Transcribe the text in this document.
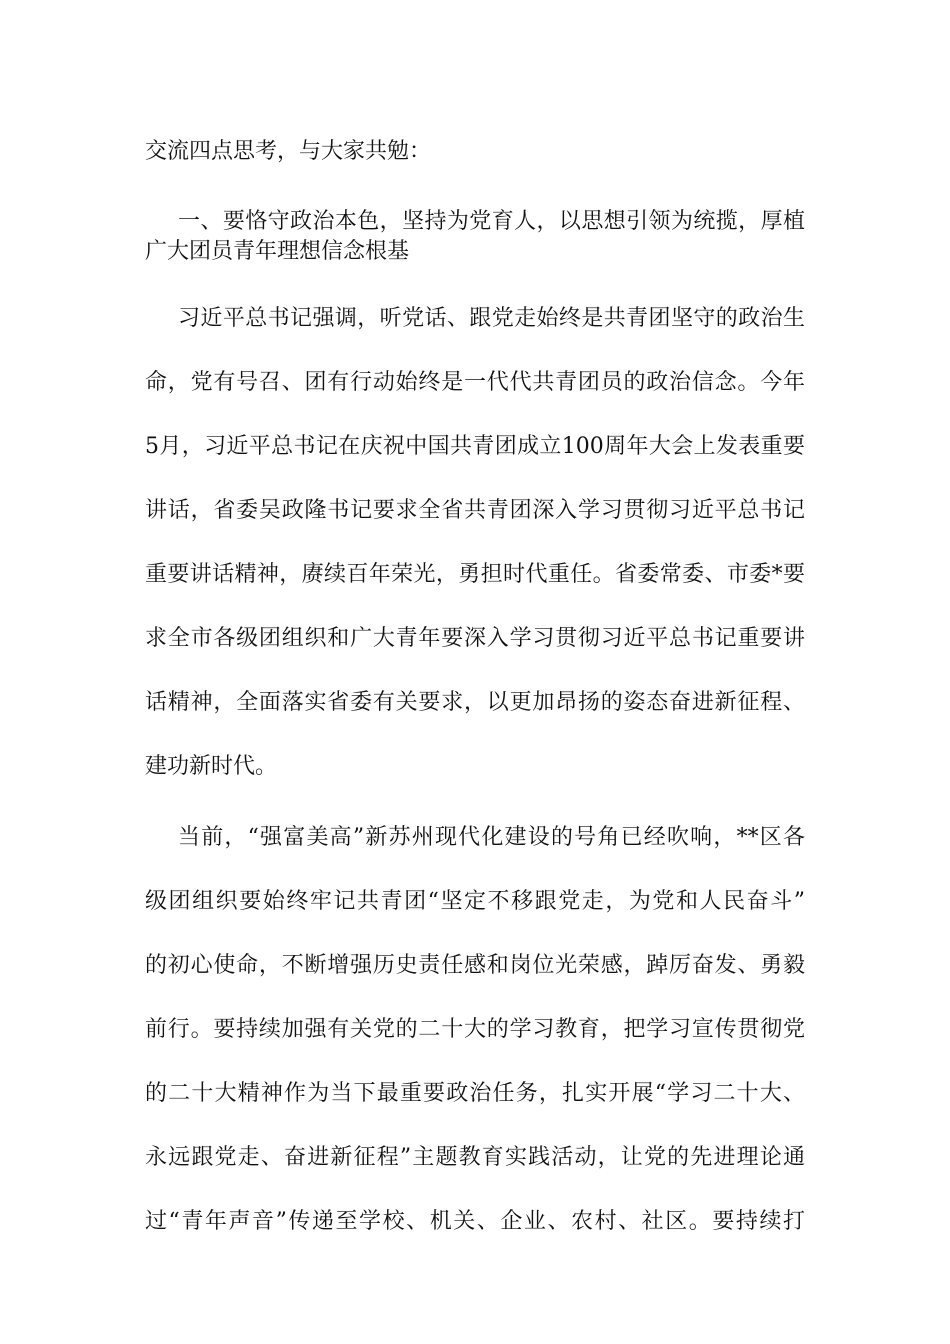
交流四点思考，与大家共勉：
一、要恪守政治本色，坚持为党育人，以思想引领为统揽，厚植
广大团员青年理想信念根基
习近平总书记强调，听党话、跟党走始终是共青团坚守的政治生
命，党有号召、团有行动始终是一代代共青团员的政治信念。今年
5月，习近平总书记在庆祝中国共青团成立100周年大会上发表重要
讲话，省委吴政隆书记要求全省共青团深入学习贯彻习近平总书记
重要讲话精神，赓续百年荣光，勇担时代重任。省委常委、市委*要
求全市各级团组织和广大青年要深入学习贯彻习近平总书记重要讲
话精神，全面落实省委有关要求，以更加昂扬的姿态奋进新征程、
建功新时代。
当前，“强富美高”新苏州现代化建设的号角已经吹响，**区各
级团组织要始终牢记共青团“坚定不移跟党走，为党和人民奋斗”
的初心使命，不断增强历史责任感和岗位光荣感，踔厉奋发、勇毅
前行。要持续加强有关党的二十大的学习教育，把学习宣传贯彻党
的二十大精神作为当下最重要政治任务，扎实开展“学习二十大、
永远跟党走、奋进新征程”主题教育实践活动，让党的先进理论通
过“青年声音”传递至学校、机关、企业、农村、社区。要持续打
